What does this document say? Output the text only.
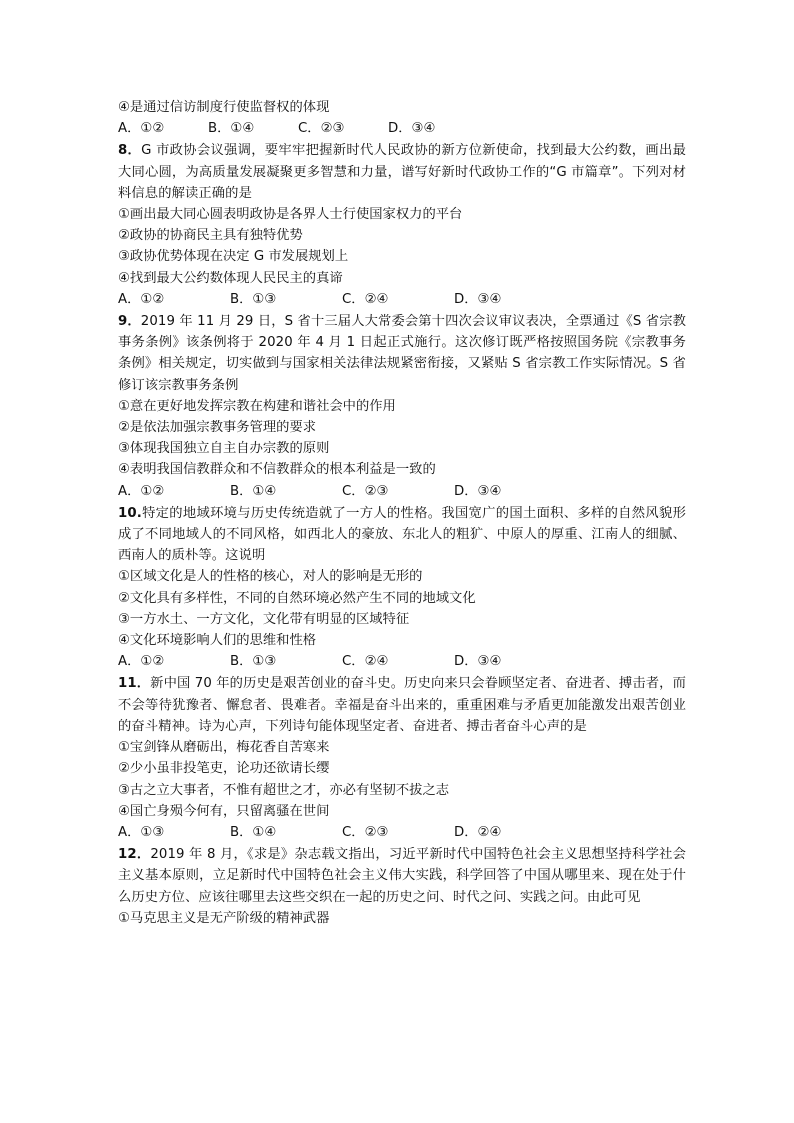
④是通过信访制度行使监督权的体现
A．①②	B．①④	C．②③	D．③④
8．G 市政协会议强调，要牢牢把握新时代人民政协的新方位新使命，找到最大公约数，画出最大同心圆，为高质量发展凝聚更多智慧和力量，谱写好新时代政协工作的“G 市篇章”。下列对材料信息的解读正确的是
①画出最大同心圆表明政协是各界人士行使国家权力的平台
②政协的协商民主具有独特优势
③政协优势体现在决定 G 市发展规划上
④找到最大公约数体现人民民主的真谛
A．①②	B．①③	C．②④	D．③④
9．2019 年 11 月 29 日，S 省十三届人大常委会第十四次会议审议表决，全票通过《S 省宗教事务条例》该条例将于 2020 年 4 月 1 日起正式施行。这次修订既严格按照国务院《宗教事务条例》相关规定，切实做到与国家相关法律法规紧密衔接，又紧贴 S 省宗教工作实际情况。S 省修订该宗教事务条例
①意在更好地发挥宗教在构建和谐社会中的作用
②是依法加强宗教事务管理的要求
③体现我国独立自主自办宗教的原则
④表明我国信教群众和不信教群众的根本利益是一致的
A．①②	B．①④	C．②③	D．③④
10.特定的地域环境与历史传统造就了一方人的性格。我国宽广的国土面积、多样的自然风貌形成了不同地域人的不同风格，如西北人的豪放、东北人的粗犷、中原人的厚重、江南人的细腻、西南人的质朴等。这说明
①区域文化是人的性格的核心，对人的影响是无形的
②文化具有多样性，不同的自然环境必然产生不同的地域文化
③一方水土、一方文化，文化带有明显的区域特征
④文化环境影响人们的思维和性格
A．①②	B．①③	C．②④	D．③④
11．新中国 70 年的历史是艰苦创业的奋斗史。历史向来只会眷顾坚定者、奋进者、搏击者，而不会等待犹豫者、懈怠者、畏难者。幸福是奋斗出来的，重重困难与矛盾更加能激发出艰苦创业的奋斗精神。诗为心声，下列诗句能体现坚定者、奋进者、搏击者奋斗心声的是
①宝剑锋从磨砺出，梅花香自苦寒来
②少小虽非投笔吏，论功还欲请长缨
③古之立大事者，不惟有超世之才，亦必有坚韧不拔之志
④国亡身殒今何有，只留离骚在世间
A．①③	B．①④	C．②③	D．②④
12．2019 年 8 月，《求是》杂志载文指出，习近平新时代中国特色社会主义思想坚持科学社会主义基本原则，立足新时代中国特色社会主义伟大实践，科学回答了中国从哪里来、现在处于什么历史方位、应该往哪里去这些交织在一起的历史之问、时代之问、实践之问。由此可见
①马克思主义是无产阶级的精神武器
